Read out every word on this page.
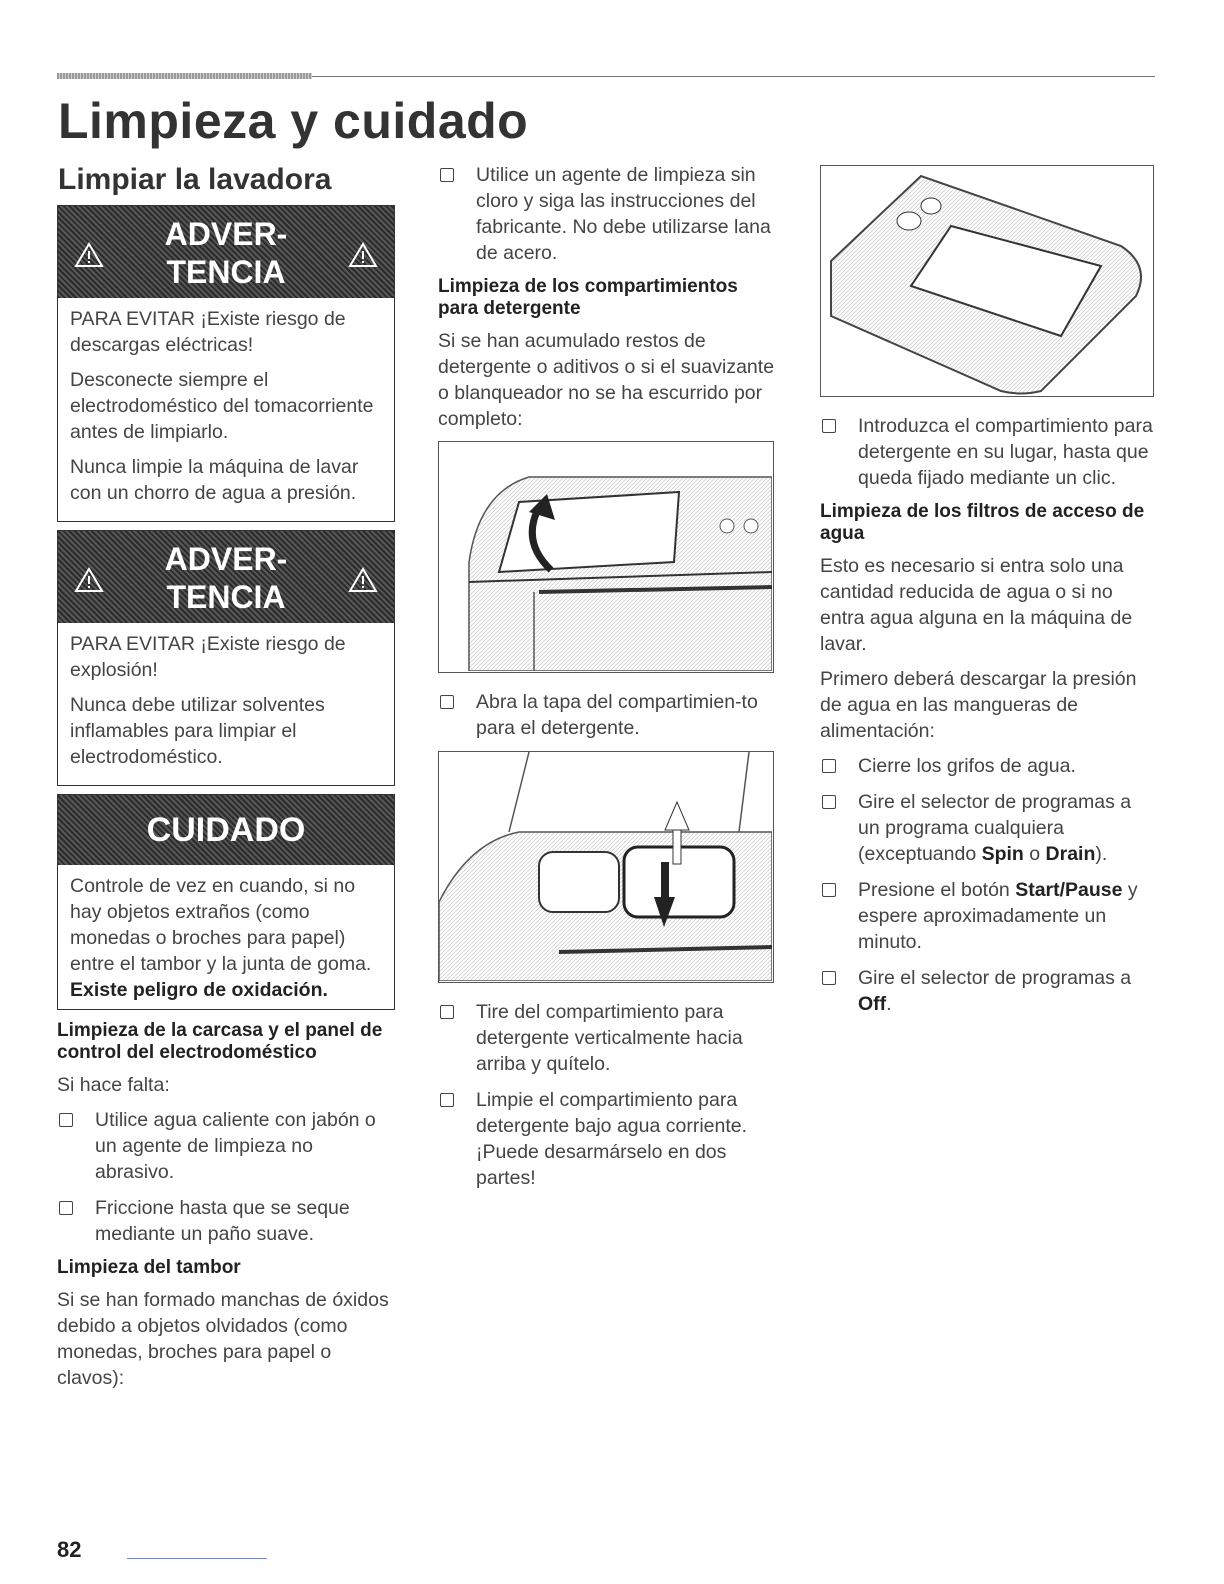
Limpieza y cuidado
Limpiar la lavadora
ADVER-
TENCIA

PARA EVITAR ¡Existe riesgo de descargas eléctricas!

Desconecte siempre el electrodoméstico del tomacorriente antes de limpiarlo.

Nunca limpie la máquina de lavar con un chorro de agua a presión.

ADVER-
TENCIA

PARA EVITAR ¡Existe riesgo de explosión!

Nunca debe utilizar solventes inflamables para limpiar el electrodoméstico.

CUIDADO

Controle de vez en cuando, si no hay objetos extraños (como monedas o broches para papel) entre el tambor y la junta de goma. Existe peligro de oxidación.

Limpieza de la carcasa y el panel de control del electrodoméstico

Si hace falta:

Utilice agua caliente con jabón o un agente de limpieza no abrasivo.
Friccione hasta que se seque mediante un paño suave.
Limpieza del tambor

Si se han formado manchas de óxidos debido a objetos olvidados (como monedas, broches para papel o clavos):

Utilice un agente de limpieza sin cloro y siga las instrucciones del fabricante. No debe utilizarse lana de acero.
Limpieza de los compartimientos para detergente

Si se han acumulado restos de detergente o aditivos o si el suavizante o blanqueador no se ha escurrido por completo:

Abra la tapa del compartimien-to para el detergente.
Tire del compartimiento para detergente verticalmente hacia arriba y quítelo.
Limpie el compartimiento para detergente bajo agua corriente. ¡Puede desarmárselo en dos partes!
Introduzca el compartimiento para detergente en su lugar, hasta que queda fijado mediante un clic.
Limpieza de los filtros de acceso de agua

Esto es necesario si entra solo una cantidad reducida de agua o si no entra agua alguna en la máquina de lavar.

Primero deberá descargar la presión de agua en las mangueras de alimentación:

Cierre los grifos de agua.
Gire el selector de programas a un programa cualquiera (exceptuando Spin o Drain).
Presione el botón Start/Pause y espere aproximadamente un minuto.
Gire el selector de programas a Off.
82
